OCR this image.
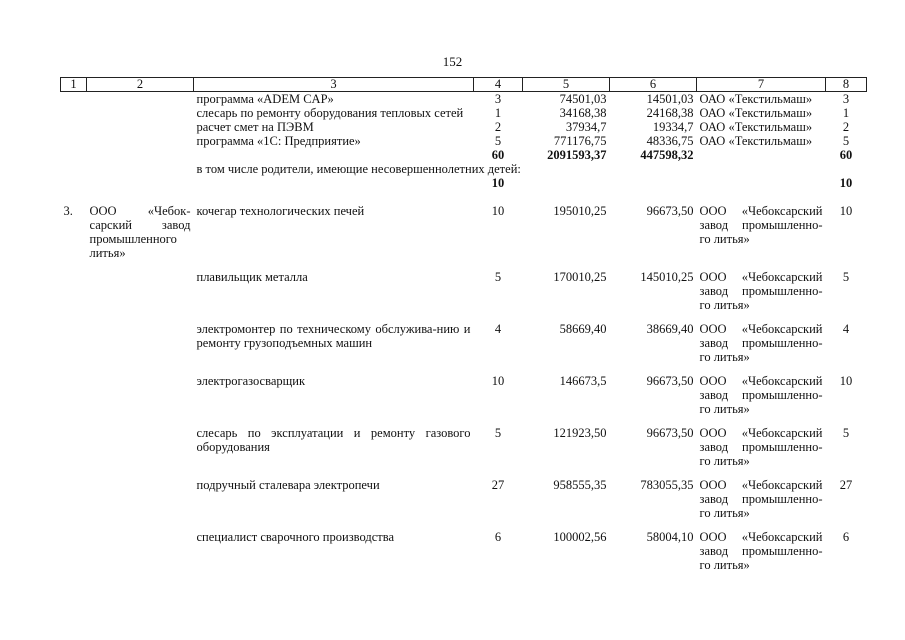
152
1	2	3	4	5	6	7	8
		программа «ADEM CAP»	3	74501,03	14501,03	ОАО «Текстильмаш»	3
		слесарь по ремонту оборудования тепловых сетей	1	34168,38	24168,38	ОАО «Текстильмаш»	1
		расчет смет на ПЭВМ	2	37934,7	19334,7	ОАО «Текстильмаш»	2
		программа «1С: Предприятие»	5	771176,75	48336,75	ОАО «Текстильмаш»	5
			60	2091593,37	447598,32		60
		в том числе родители, имеющие несовершеннолетних детей:					
			10				10

3.	ООО «Чебок-сарский завод промышленного литья»	кочегар технологических печей	10	195010,25	96673,50	ООО «Чебоксарский завод промышленно-го литья»	10
		плавильщик металла	5	170010,25	145010,25	ООО «Чебоксарский завод промышленно-го литья»	5
		электромонтер по техническому обслужива-нию и ремонту грузоподъемных машин	4	58669,40	38669,40	ООО «Чебоксарский завод промышленно-го литья»	4
		электрогазосварщик	10	146673,5	96673,50	ООО «Чебоксарский завод промышленно-го литья»	10
		слесарь по эксплуатации и ремонту газового оборудования	5	121923,50	96673,50	ООО «Чебоксарский завод промышленно-го литья»	5
		подручный сталевара электропечи	27	958555,35	783055,35	ООО «Чебоксарский завод промышленно-го литья»	27
		специалист сварочного производства	6	100002,56	58004,10	ООО «Чебоксарский завод промышленно-го литья»	6
